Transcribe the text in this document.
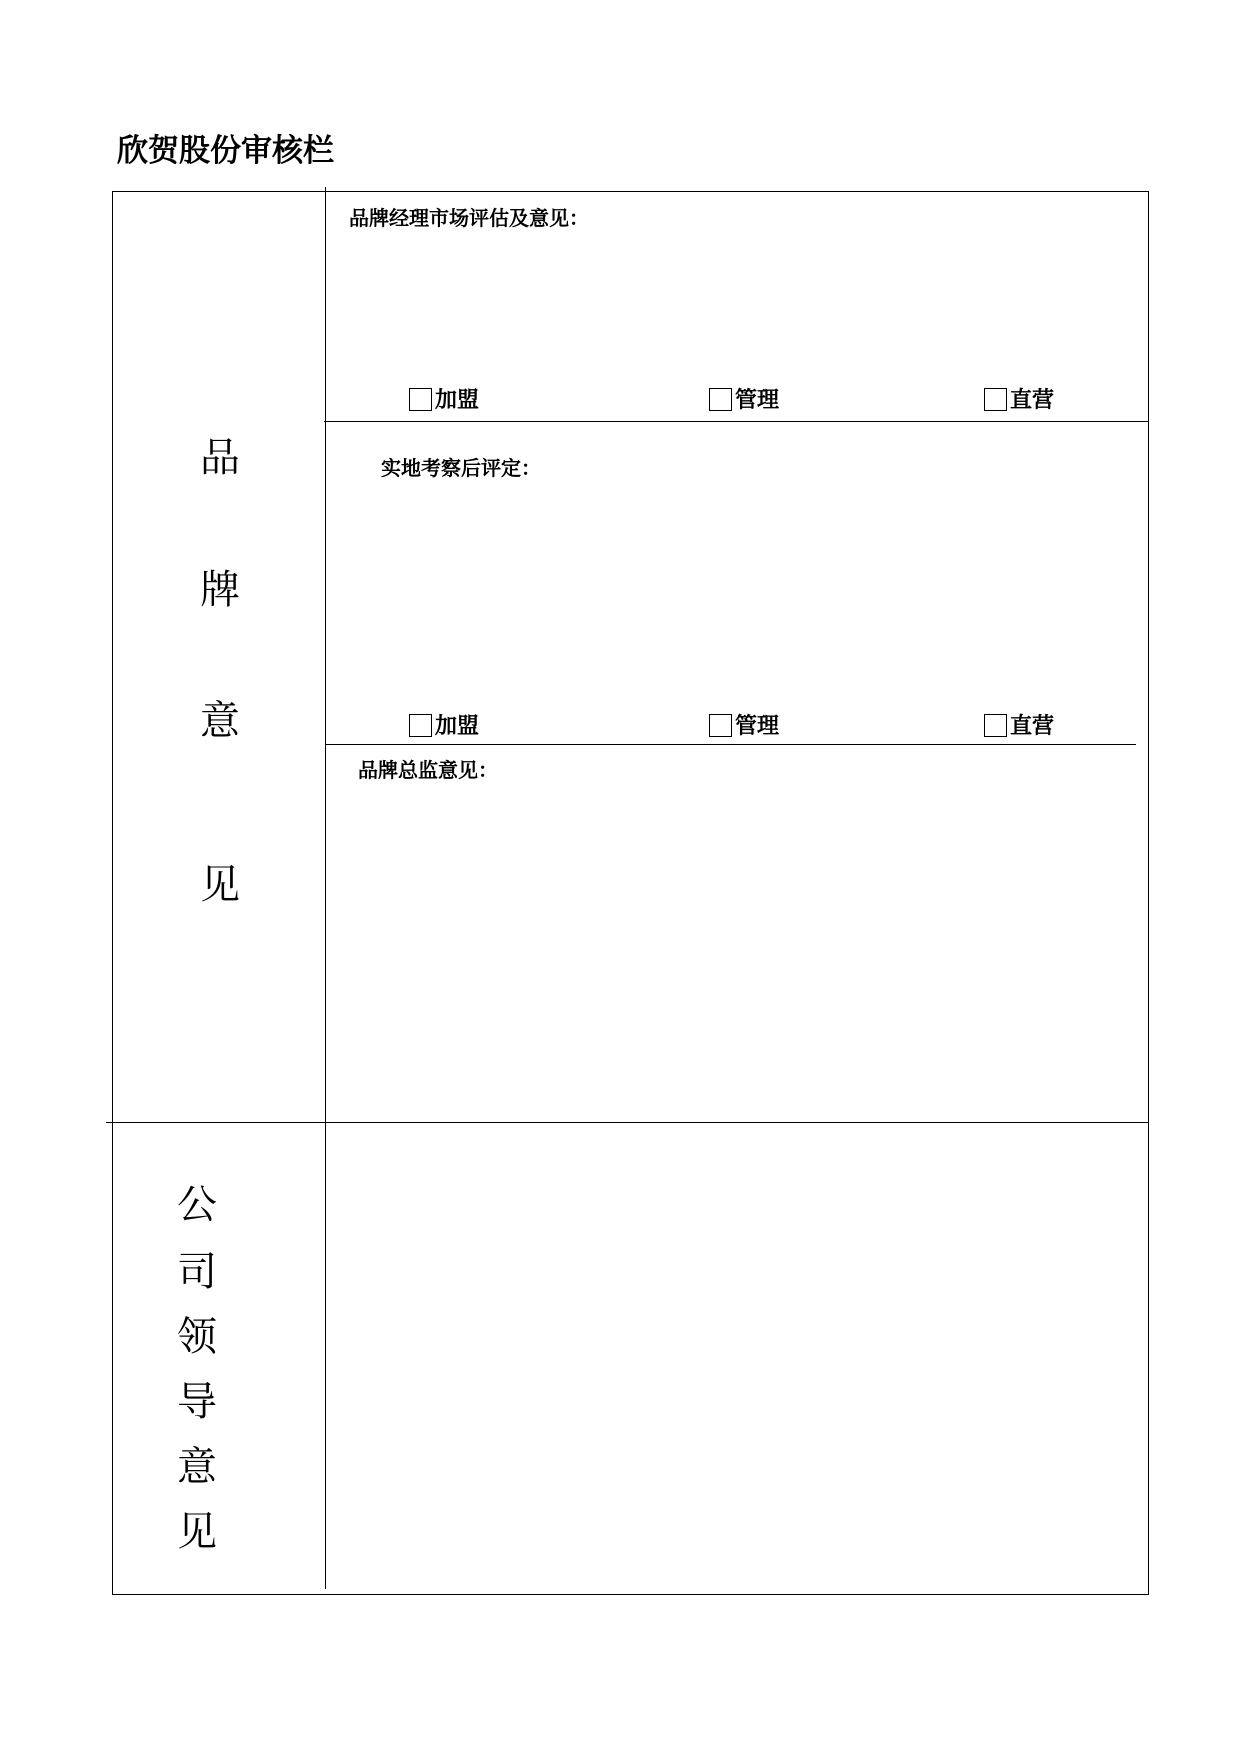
欣贺股份审核栏
品
牌
意
见
品牌经理市场评估及意见：
加盟	管理	直营
实地考察后评定：
加盟	管理	直营
品牌总监意见：
公
司
领
导
意
见
